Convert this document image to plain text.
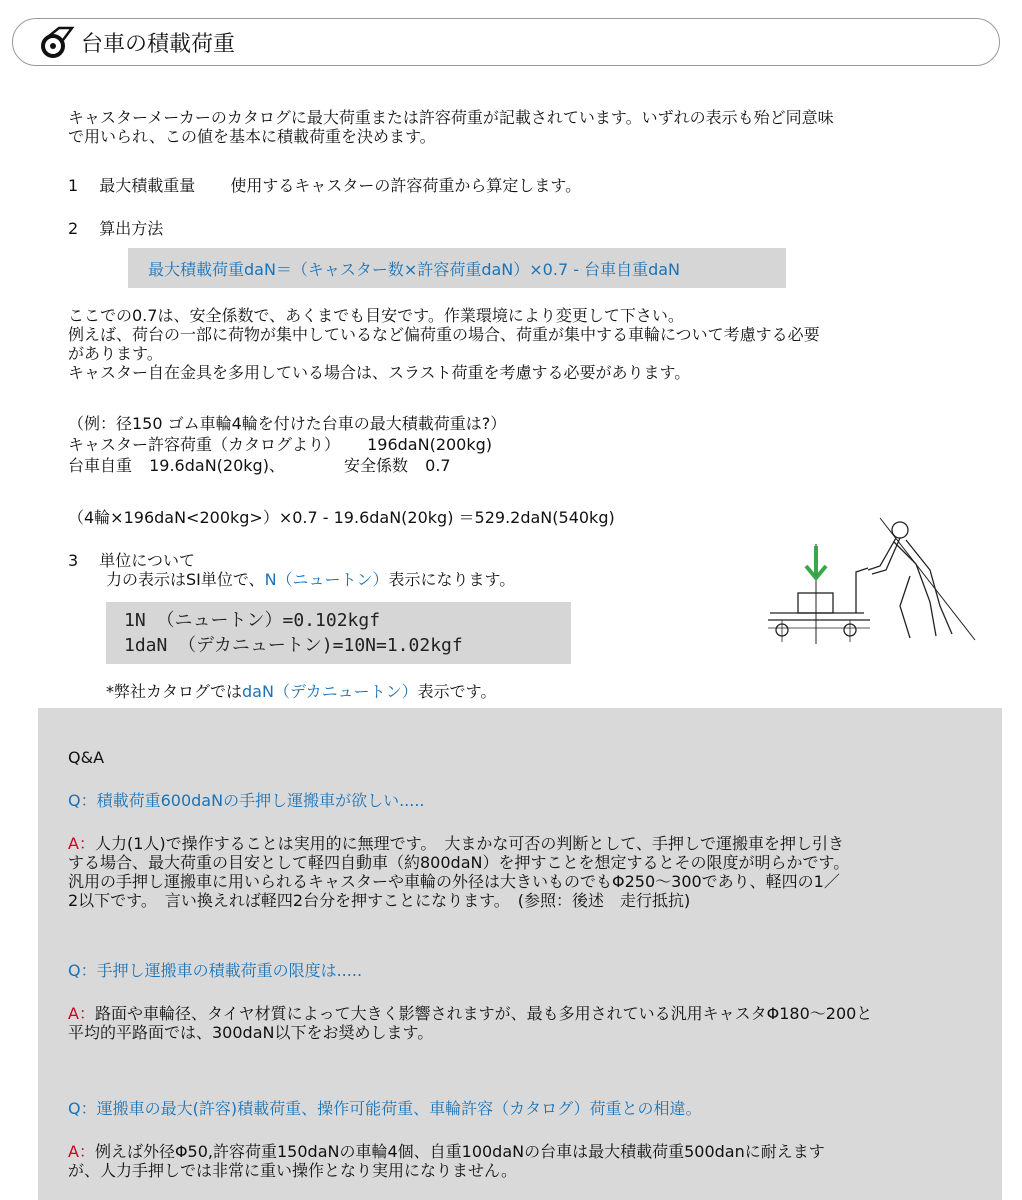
台車の積載荷重
キャスターメーカーのカタログに最大荷重または許容荷重が記載されています。いずれの表示も殆ど同意味
で用いられ、この値を基本に積載荷重を決めます。
1 最大積載重量 使用するキャスターの許容荷重から算定します。
2 算出方法
最大積載荷重daN＝（キャスター数×許容荷重daN）×0.7 - 台車自重daN
ここでの0.7は、安全係数で、あくまでも目安です。作業環境により変更して下さい。
例えば、荷台の一部に荷物が集中しているなど偏荷重の場合、荷重が集中する車輪について考慮する必要
があります。
キャスター自在金具を多用している場合は、スラスト荷重を考慮する必要があります。
（例：径150 ゴム車輪4輪を付けた台車の最大積載荷重は?）
キャスター許容荷重（カタログより） 196daN(200kg)
台車自重 19.6daN(20kg)、	安全係数 0.7
（4輪×196daN<200kg>）×0.7 - 19.6daN(20kg) ＝529.2daN(540kg)
3 単位について
力の表示はSI単位で、N（ニュートン）表示になります。
1N （ニュートン）=0.102kgf
1daN （デカニュートン)=10N=1.02kgf
*弊社カタログではdaN（デカニュートン）表示です。
Q&A
Q：積載荷重600daNの手押し運搬車が欲しい.....
A：人力(1人)で操作することは実用的に無理です。　大まかな可否の判断として、手押しで運搬車を押し引き
する場合、最大荷重の目安として軽四自動車（約800daN）を押すことを想定するとその限度が明らかです。
汎用の手押し運搬車に用いられるキャスターや車輪の外径は大きいものでもΦ250〜300であり、軽四の1／
2以下です。　言い換えれば軽四2台分を押すことになります。　(参照：後述　走行抵抗)
Q：手押し運搬車の積載荷重の限度は.....
A：路面や車輪径、タイヤ材質によって大きく影響されますが、最も多用されている汎用キャスタΦ180〜200と
平均的平路面では、300daN以下をお奨めします。
Q：運搬車の最大(許容)積載荷重、操作可能荷重、車輪許容（カタログ）荷重との相違。
A：例えば外径Φ50,許容荷重150daNの車輪4個、自重100daNの台車は最大積載荷重500danに耐えます
が、人力手押しでは非常に重い操作となり実用になりません。
